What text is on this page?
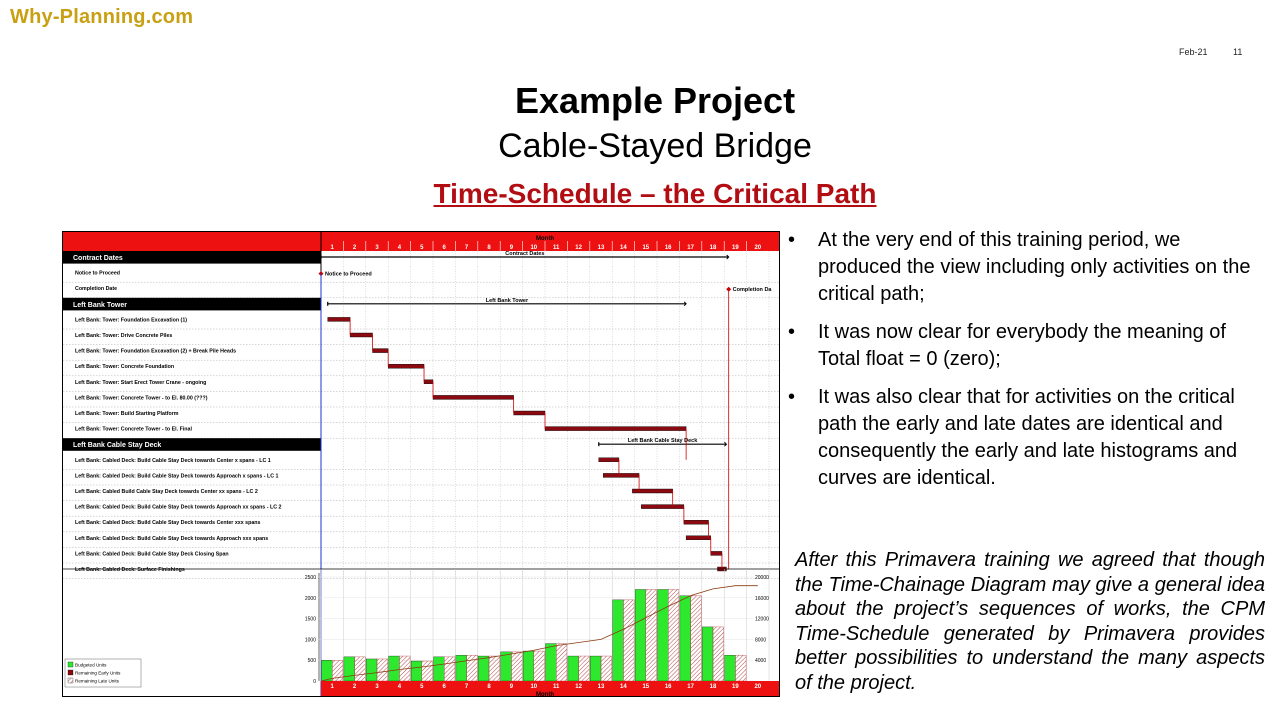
Why-Planning.com
Feb-21	11
Example Project
Cable-Stayed Bridge
Time-Schedule – the Critical Path
Month
1	2	3	4	5	6	7	8	9	10	11	12	13	14	15	16	17	18	19	20
Contract Dates
Notice to Proceed	Notice to Proceed
Completion Date	Completion Da
Left Bank Tower
Left Bank: Tower: Foundation Excavation (1)
Left Bank: Tower: Drive Concrete Piles
Left Bank: Tower: Foundation Excavation (2) + Break Pile Heads
Left Bank: Tower: Concrete Foundation
Left Bank: Tower: Start Erect Tower Crane - ongoing
Left Bank: Tower: Concrete Tower - to El. 80.00 (???)
Left Bank: Tower: Build Starting Platform
Left Bank: Tower: Concrete Tower - to El. Final
Left Bank Cable Stay Deck
Left Bank: Cabled Deck: Build Cable Stay Deck towards Center x spans - LC 1
Left Bank: Cabled Deck: Build Cable Stay Deck towards Approach x spans - LC 1
Left Bank: Cabled Build Cable Stay Deck towards Center xx spans - LC 2
Left Bank: Cabled Deck: Build Cable Stay Deck towards Approach xx spans - LC 2
Left Bank: Cabled Deck: Build Cable Stay Deck towards Center xxx spans
Left Bank: Cabled Deck: Build Cable Stay Deck towards Approach xxx spans
Left Bank: Cabled Deck: Build Cable Stay Deck Closing Span
Left Bank: Cabled Deck: Surface Finishings
Contract Dates
Left Bank Tower
Left Bank Cable Stay Deck
2500
2000
1500
1000
500
0
20000
16000
12000
8000
4000
Budgeted Units
Remaining Early Units
Remaining Late Units
1	2	3	4	5	6	7	8	9	10	11	12	13	14	15	16	17	18	19	20
Month
• At the very end of this training period, we produced the view including only activities on the critical path;
• It was now clear for everybody the meaning of Total float = 0 (zero);
• It was also clear that for activities on the critical path the early and late dates are identical and consequently the early and late histograms and curves are identical.

After this Primavera training we agreed that though the Time-Chainage Diagram may give a general idea about the project’s sequences of works, the CPM Time-Schedule generated by Primavera provides better possibilities to understand the many aspects of the project.
